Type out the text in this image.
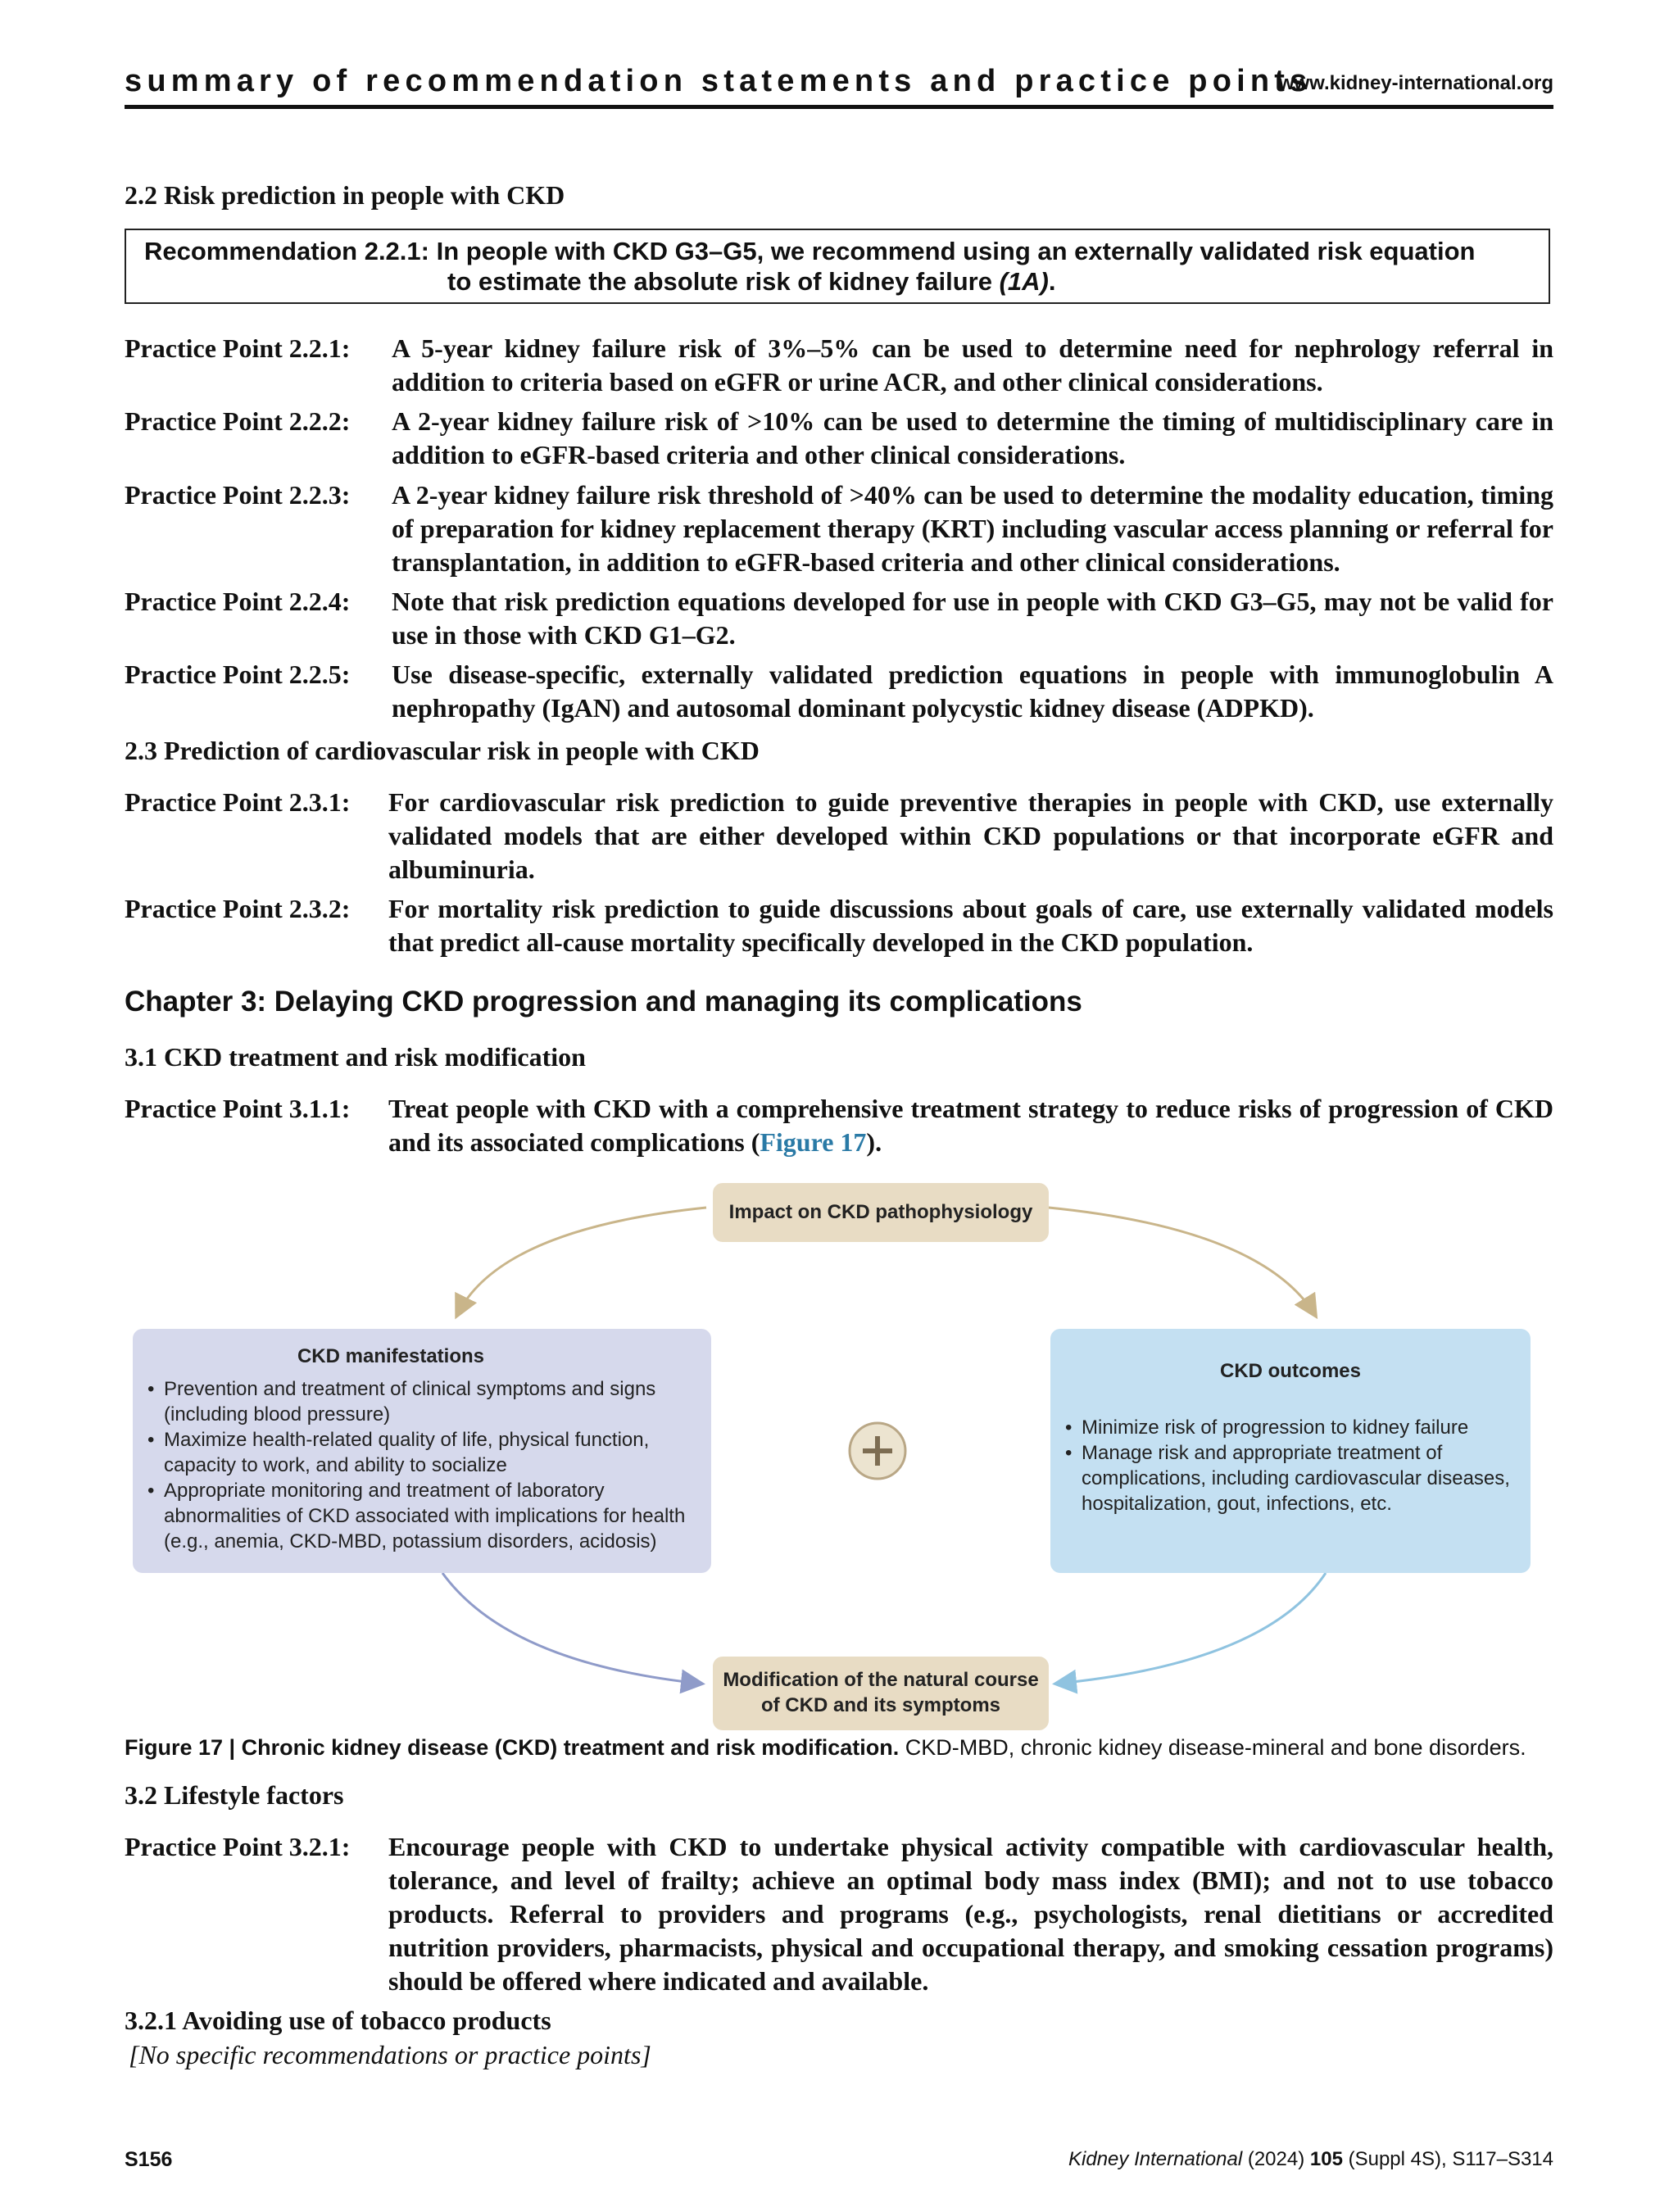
summary of recommendation statements and practice points
www.kidney-international.org
2.2 Risk prediction in people with CKD
Recommendation 2.2.1: In people with CKD G3–G5, we recommend using an externally validated risk equation
to estimate the absolute risk of kidney failure (1A).
Practice Point 2.2.1: A 5-year kidney failure risk of 3%–5% can be used to determine need for nephrology referral in addition to criteria based on eGFR or urine ACR, and other clinical considerations.
Practice Point 2.2.2: A 2-year kidney failure risk of >10% can be used to determine the timing of multidisciplinary care in addition to eGFR-based criteria and other clinical considerations.
Practice Point 2.2.3: A 2-year kidney failure risk threshold of >40% can be used to determine the modality education, timing of preparation for kidney replacement therapy (KRT) including vascular access planning or referral for transplantation, in addition to eGFR-based criteria and other clinical considerations.
Practice Point 2.2.4: Note that risk prediction equations developed for use in people with CKD G3–G5, may not be valid for use in those with CKD G1–G2.
Practice Point 2.2.5: Use disease-specific, externally validated prediction equations in people with immunoglobulin A nephropathy (IgAN) and autosomal dominant polycystic kidney disease (ADPKD).
2.3 Prediction of cardiovascular risk in people with CKD
Practice Point 2.3.1: For cardiovascular risk prediction to guide preventive therapies in people with CKD, use externally validated models that are either developed within CKD populations or that incorporate eGFR and albuminuria.
Practice Point 2.3.2: For mortality risk prediction to guide discussions about goals of care, use externally validated models that predict all-cause mortality specifically developed in the CKD population.
Chapter 3: Delaying CKD progression and managing its complications
3.1 CKD treatment and risk modification
Practice Point 3.1.1: Treat people with CKD with a comprehensive treatment strategy to reduce risks of progression of CKD and its associated complications (Figure 17).
Impact on CKD pathophysiology
CKD manifestations
• Prevention and treatment of clinical symptoms and signs (including blood pressure)
• Maximize health-related quality of life, physical function, capacity to work, and ability to socialize
• Appropriate monitoring and treatment of laboratory abnormalities of CKD associated with implications for health (e.g., anemia, CKD-MBD, potassium disorders, acidosis)
CKD outcomes
• Minimize risk of progression to kidney failure
• Manage risk and appropriate treatment of complications, including cardiovascular diseases, hospitalization, gout, infections, etc.
Modification of the natural course of CKD and its symptoms
Figure 17 | Chronic kidney disease (CKD) treatment and risk modification. CKD-MBD, chronic kidney disease-mineral and bone disorders.
3.2 Lifestyle factors
Practice Point 3.2.1: Encourage people with CKD to undertake physical activity compatible with cardiovascular health, tolerance, and level of frailty; achieve an optimal body mass index (BMI); and not to use tobacco products. Referral to providers and programs (e.g., psychologists, renal dietitians or accredited nutrition providers, pharmacists, physical and occupational therapy, and smoking cessation programs) should be offered where indicated and available.
3.2.1 Avoiding use of tobacco products
[No specific recommendations or practice points]
S156	Kidney International (2024) 105 (Suppl 4S), S117–S314
